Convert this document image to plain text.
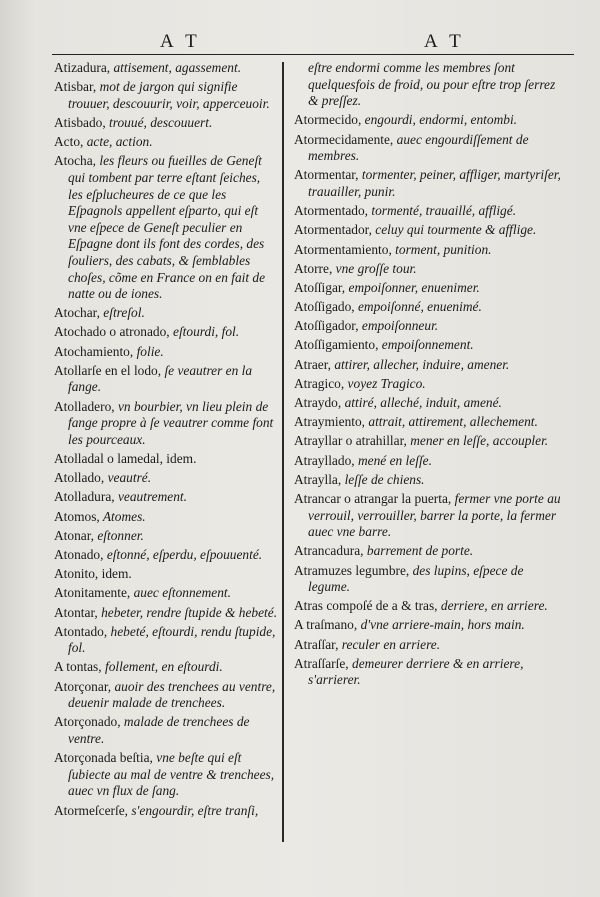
A T	A T
Atizadura, attisement, agassement.
Atisbar, mot de jargon qui signifie trouuer, descouurir, voir, apperceuoir.
Atisbado, trouué, descouuert.
Acto, acte, action.
Atocha, les fleurs ou fueilles de Geneſt qui tombent par terre eſtant ſeiches, les eſplucheures de ce que les Eſpagnols appellent eſparto, qui eſt vne eſpece de Geneſt peculier en Eſpagne dont ils font des cordes, des ſouliers, des cabats, & ſemblables choſes, cõme en France on en fait de natte ou de iones.
Atochar, eſtreſol.
Atochado o atronado, eſtourdi, fol.
Atochamiento, folie.
Atollarſe en el lodo, ſe veautrer en la fange.
Atolladero, vn bourbier, vn lieu plein de fange propre à ſe veautrer comme font les pourceaux.
Atolladal o lamedal, idem.
Atollado, veautré.
Atolladura, veautrement.
Atomos, Atomes.
Atonar, eſtonner.
Atonado, eſtonné, eſperdu, eſpouuenté.
Atonito, idem.
Atonitamente, auec eſtonnement.
Atontar, hebeter, rendre ſtupide & hebeté.
Atontado, hebeté, eſtourdi, rendu ſtupide, fol.
A tontas, follement, en eſtourdi.
Atorçonar, auoir des trenchees au ventre, deuenir malade de trenchees.
Atorçonado, malade de trenchees de ventre.
Atorçonada beſtia, vne beſte qui eſt ſubiecte au mal de ventre & trenchees, auec vn flux de ſang.
Atormeſcerſe, s'engourdir, eſtre tranſi,
eſtre endormi comme les membres ſont quelquesfois de froid, ou pour eſtre trop ſerrez & preſſez.
Atormecido, engourdi, endormi, entombi.
Atormecidamente, auec engourdiſſement de membres.
Atormentar, tormenter, peiner, affliger, martyriſer, trauailler, punir.
Atormentado, tormenté, trauaillé, affligé.
Atormentador, celuy qui tourmente & afflige.
Atormentamiento, torment, punition.
Atorre, vne groſſe tour.
Atoſſigar, empoiſonner, enuenimer.
Atoſſigado, empoiſonné, enuenimé.
Atoſſigador, empoiſonneur.
Atoſſigamiento, empoiſonnement.
Atraer, attirer, allecher, induire, amener.
Atragico, voyez Tragico.
Atraydo, attiré, alleché, induit, amené.
Atraymiento, attrait, attirement, allechement.
Atrayllar o atrahillar, mener en leſſe, accoupler.
Atrayllado, mené en leſſe.
Atraylla, leſſe de chiens.
Atrancar o atrangar la puerta, fermer vne porte au verrouil, verrouiller, barrer la porte, la fermer auec vne barre.
Atrancadura, barrement de porte.
Atramuzes legumbre, des lupins, eſpece de legume.
Atras compoſé de a & tras, derriere, en arriere.
A traſmano, d'vne arriere-main, hors main.
Atraſſar, reculer en arriere.
Atraſſarſe, demeurer derriere & en arriere, s'arrierer.
